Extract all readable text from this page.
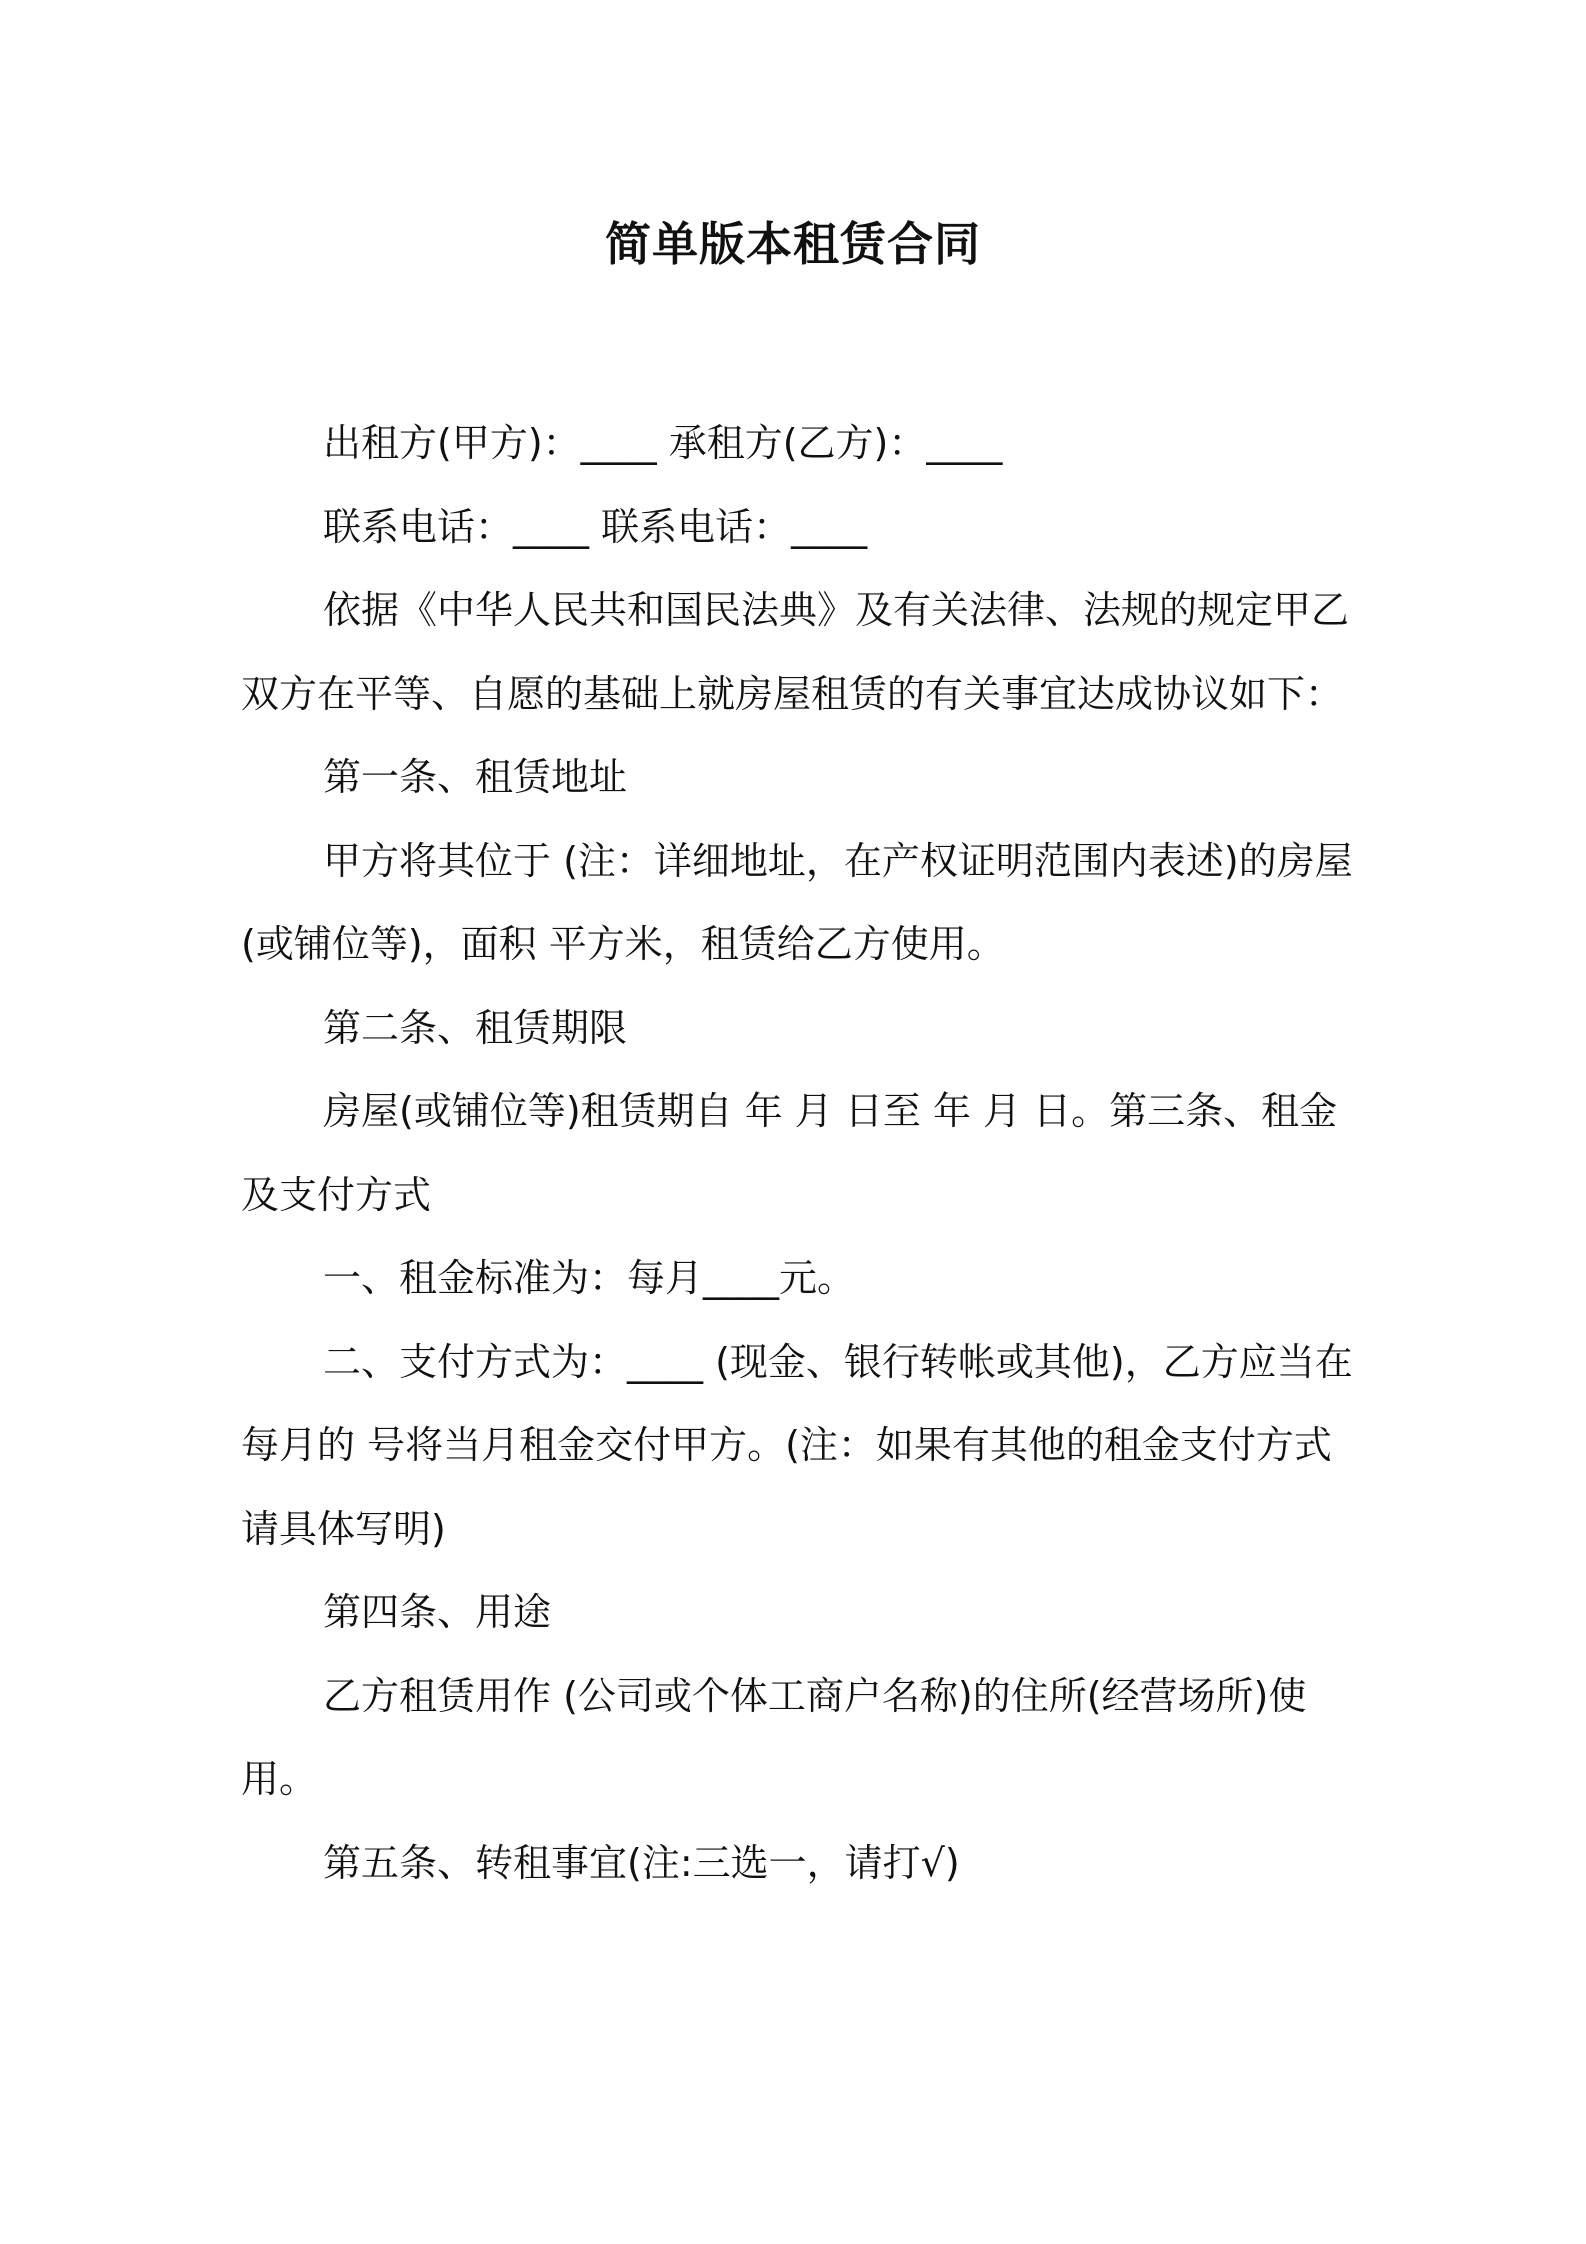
简单版本租赁合同

出租方(甲方)：____ 承租方(乙方)：____

联系电话：____ 联系电话：____

依据《中华人民共和国民法典》及有关法律、法规的规定甲乙双方在平等、自愿的基础上就房屋租赁的有关事宜达成协议如下：

第一条、租赁地址

甲方将其位于 (注：详细地址，在产权证明范围内表述)的房屋(或铺位等)，面积 平方米，租赁给乙方使用。

第二条、租赁期限

房屋(或铺位等)租赁期自 年 月 日至 年 月 日。第三条、租金及支付方式

一、租金标准为：每月____元。

二、支付方式为：____ (现金、银行转帐或其他)，乙方应当在每月的 号将当月租金交付甲方。(注：如果有其他的租金支付方式请具体写明)

第四条、用途

乙方租赁用作 (公司或个体工商户名称)的住所(经营场所)使用。

第五条、转租事宜(注:三选一，请打√)
